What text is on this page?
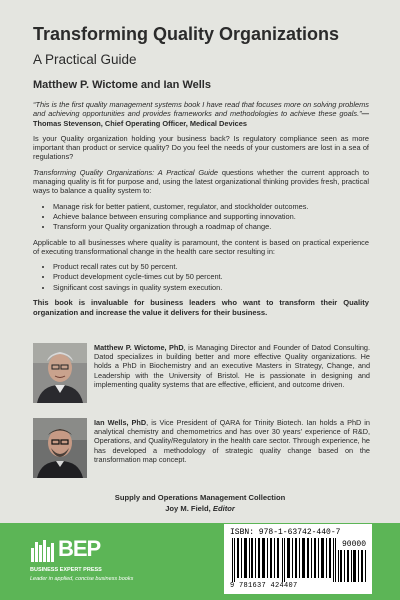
Transforming Quality Organizations
A Practical Guide
Matthew P. Wictome and Ian Wells

“This is the first quality management systems book I have read that focuses more on solving problems and achieving opportunities and provides frameworks and methodologies to achieve these goals.”—Thomas Stevenson, Chief Operating Officer, Medical Devices

Is your Quality organization holding your business back? Is regulatory compliance seen as more important than product or service quality? Do you feel the needs of your customers are lost in a sea of regulations?

Transforming Quality Organizations: A Practical Guide questions whether the current approach to managing quality is fit for purpose and, using the latest organizational thinking provides fresh, practical ways to balance a quality system to:

• Manage risk for better patient, customer, regulator, and stockholder outcomes.
• Achieve balance between ensuring compliance and supporting innovation.
• Transform your Quality organization through a roadmap of change.

Applicable to all businesses where quality is paramount, the content is based on practical experience of executing transformational change in the health care sector resulting in:

• Product recall rates cut by 50 percent.
• Product development cycle-times cut by 50 percent.
• Significant cost savings in quality system execution.

This book is invaluable for business leaders who want to transform their Quality organization and increase the value it delivers for their business.

Matthew P. Wictome, PhD, is Managing Director and Founder of Datod Consulting. Datod specializes in building better and more effective Quality organizations. He holds a PhD in Biochemistry and an executive Masters in Strategy, Change, and Leadership with the University of Bristol. He is passionate in designing and implementing quality systems that are effective, efficient, and outcome driven.
Ian Wells, PhD, is Vice President of QARA for Trinity Biotech. Ian holds a PhD in analytical chemistry and chemometrics and has over 30 years’ experience of R&D, Operations, and Quality/Regulatory in the health care sector. Through experience, he has developed a methodology of strategic quality change based on the transformation map concept.
Supply and Operations Management Collection
Joy M. Field, Editor
BEP
BUSINESS EXPERT PRESS
Leader in applied, concise business books
ISBN: 978-1-63742-440-7
90000
9 781637 424407
